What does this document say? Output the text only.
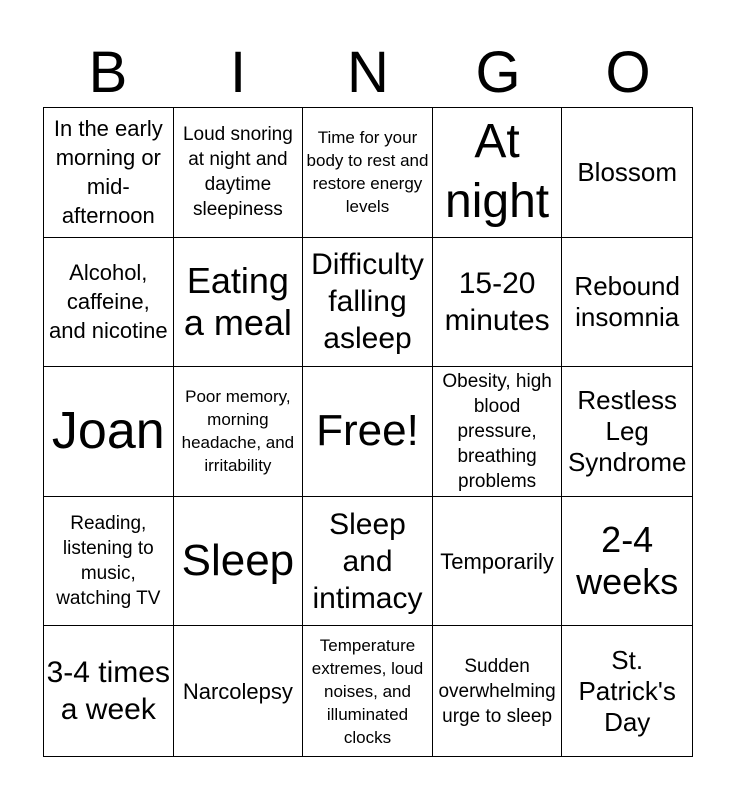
B	I	N	G	O
In the early morning or mid-afternoon
Loud snoring at night and daytime sleepiness
Time for your body to rest and restore energy levels
At night
Blossom
Alcohol, caffeine, and nicotine
Eating a meal
Difficulty falling asleep
15-20 minutes
Rebound insomnia
Joan
Poor memory, morning headache, and irritability
Free!
Obesity, high blood pressure, breathing problems
Restless Leg Syndrome
Reading, listening to music, watching TV
Sleep
Sleep and intimacy
Temporarily
2-4 weeks
3-4 times a week
Narcolepsy
Temperature extremes, loud noises, and illuminated clocks
Sudden overwhelming urge to sleep
St. Patrick's Day
